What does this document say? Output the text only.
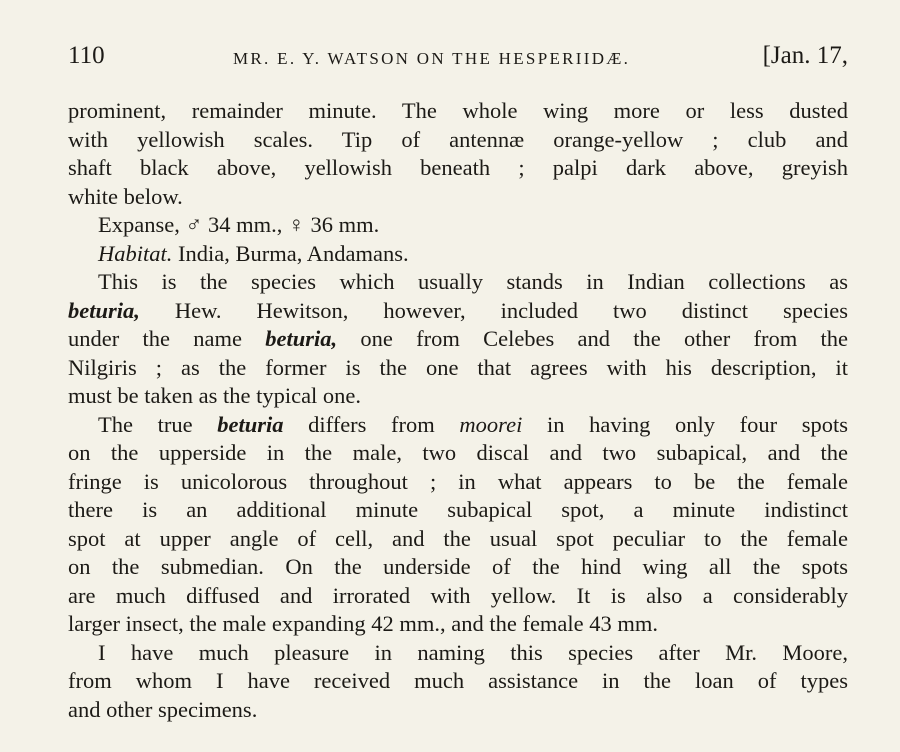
110	MR. E. Y. WATSON ON THE HESPERIIDÆ.	[Jan. 17,
prominent, remainder minute. The whole wing more or less dusted
with yellowish scales. Tip of antennæ orange-yellow ; club and
shaft black above, yellowish beneath ; palpi dark above, greyish
white below.
Expanse, ♂ 34 mm., ♀ 36 mm.
Habitat. India, Burma, Andamans.
This is the species which usually stands in Indian collections as
beturia, Hew. Hewitson, however, included two distinct species
under the name beturia, one from Celebes and the other from the
Nilgiris ; as the former is the one that agrees with his description, it
must be taken as the typical one.
The true beturia differs from moorei in having only four spots
on the upperside in the male, two discal and two subapical, and the
fringe is unicolorous throughout ; in what appears to be the female
there is an additional minute subapical spot, a minute indistinct
spot at upper angle of cell, and the usual spot peculiar to the female
on the submedian. On the underside of the hind wing all the spots
are much diffused and irrorated with yellow. It is also a considerably
larger insect, the male expanding 42 mm., and the female 43 mm.
I have much pleasure in naming this species after Mr. Moore,
from whom I have received much assistance in the loan of types
and other specimens.
